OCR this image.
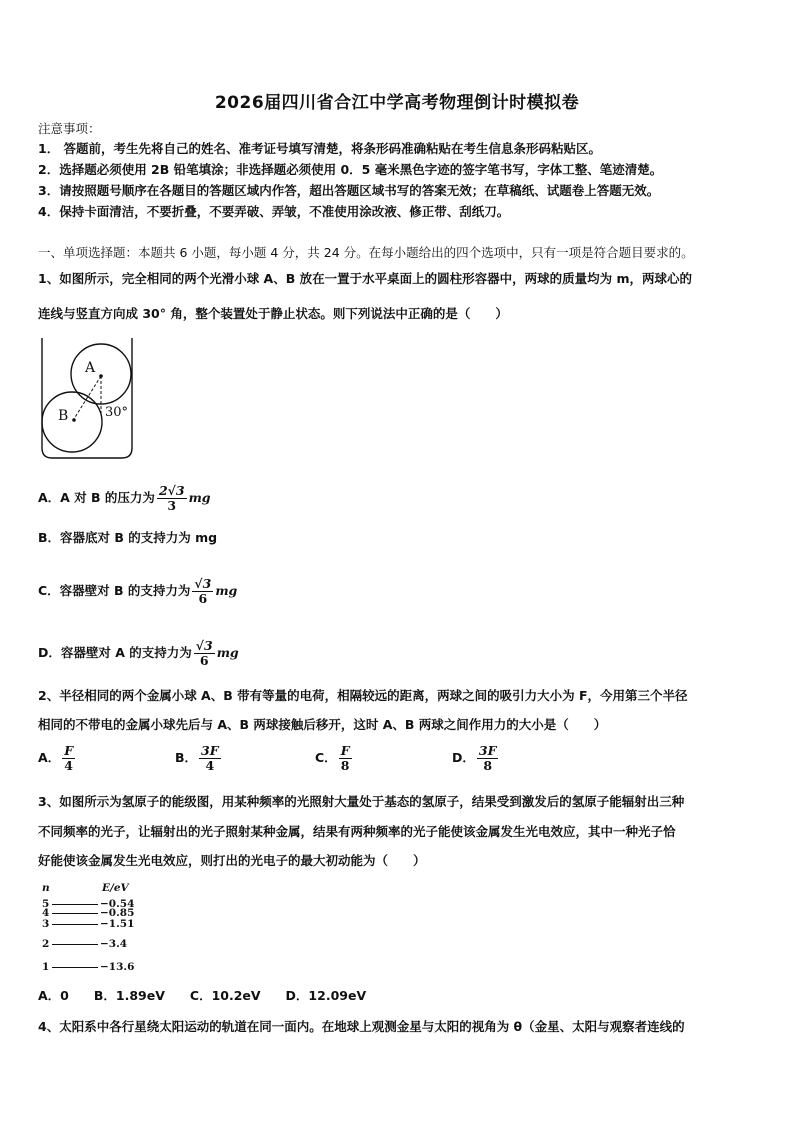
2026届四川省合江中学高考物理倒计时模拟卷
注意事项：
1． 答题前，考生先将自己的姓名、准考证号填写清楚，将条形码准确粘贴在考生信息条形码粘贴区。
2．选择题必须使用 2B 铅笔填涂；非选择题必须使用 0．5 毫米黑色字迹的签字笔书写，字体工整、笔迹清楚。
3．请按照题号顺序在各题目的答题区域内作答，超出答题区域书写的答案无效；在草稿纸、试题卷上答题无效。
4．保持卡面清洁，不要折叠，不要弄破、弄皱，不准使用涂改液、修正带、刮纸刀。
一、单项选择题：本题共 6 小题，每小题 4 分，共 24 分。在每小题给出的四个选项中，只有一项是符合题目要求的。
1、如图所示，完全相同的两个光滑小球 A、B 放在一置于水平桌面上的圆柱形容器中，两球的质量均为 m，两球心的
连线与竖直方向成 30° 角，整个装置处于静止状态。则下列说法中正确的是（　　）
A
B	30°
A．A 对 B 的压力为 $\frac{2√3}{3}$ mg
B．容器底对 B 的支持力为 mg
C．容器壁对 B 的支持力为 $\frac{√3}{6}$ mg
D．容器壁对 A 的支持力为 $\frac{√3}{6}$ mg
2、半径相同的两个金属小球 A、B 带有等量的电荷，相隔较远的距离，两球之间的吸引力大小为 F，今用第三个半径
相同的不带电的金属小球先后与 A、B 两球接触后移开，这时 A、B 两球之间作用力的大小是（　　）
A． $\frac{F}{4}$	B． $\frac{3F}{4}$	C． $\frac{F}{8}$	D． $\frac{3F}{8}$
3、如图所示为氢原子的能级图，用某种频率的光照射大量处于基态的氢原子，结果受到激发后的氢原子能辐射出三种
不同频率的光子，让辐射出的光子照射某种金属，结果有两种频率的光子能使该金属发生光电效应，其中一种光子恰
好能使该金属发生光电效应，则打出的光电子的最大初动能为（　　）
n	E/eV
5	−0.54
4	−0.85
3	−1.51
2	−3.4
1	−13.6
A．0　　B．1.89eV　　C．10.2eV　　D．12.09eV
4、太阳系中各行星绕太阳运动的轨道在同一面内。在地球上观测金星与太阳的视角为 θ（金星、太阳与观察者连线的
